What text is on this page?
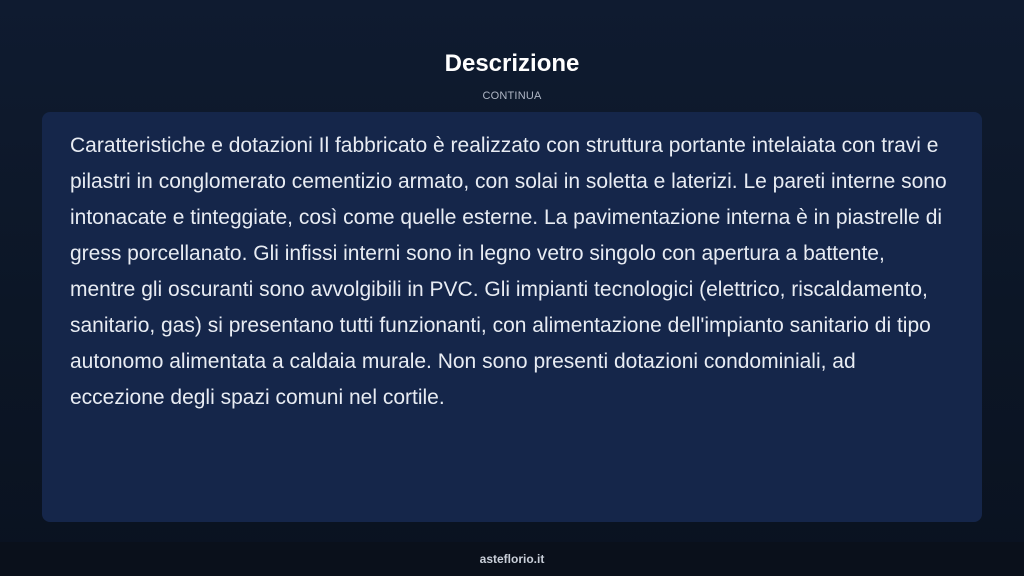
Descrizione
CONTINUA

Caratteristiche e dotazioni Il fabbricato è realizzato con struttura portante intelaiata con travi e pilastri in conglomerato cementizio armato, con solai in soletta e laterizi. Le pareti interne sono intonacate e tinteggiate, così come quelle esterne. La pavimentazione interna è in piastrelle di gress porcellanato. Gli infissi interni sono in legno vetro singolo con apertura a battente, mentre gli oscuranti sono avvolgibili in PVC. Gli impianti tecnologici (elettrico, riscaldamento, sanitario, gas) si presentano tutti funzionanti, con alimentazione dell'impianto sanitario di tipo autonomo alimentata a caldaia murale. Non sono presenti dotazioni condominiali, ad eccezione degli spazi comuni nel cortile.

asteflorio.it
